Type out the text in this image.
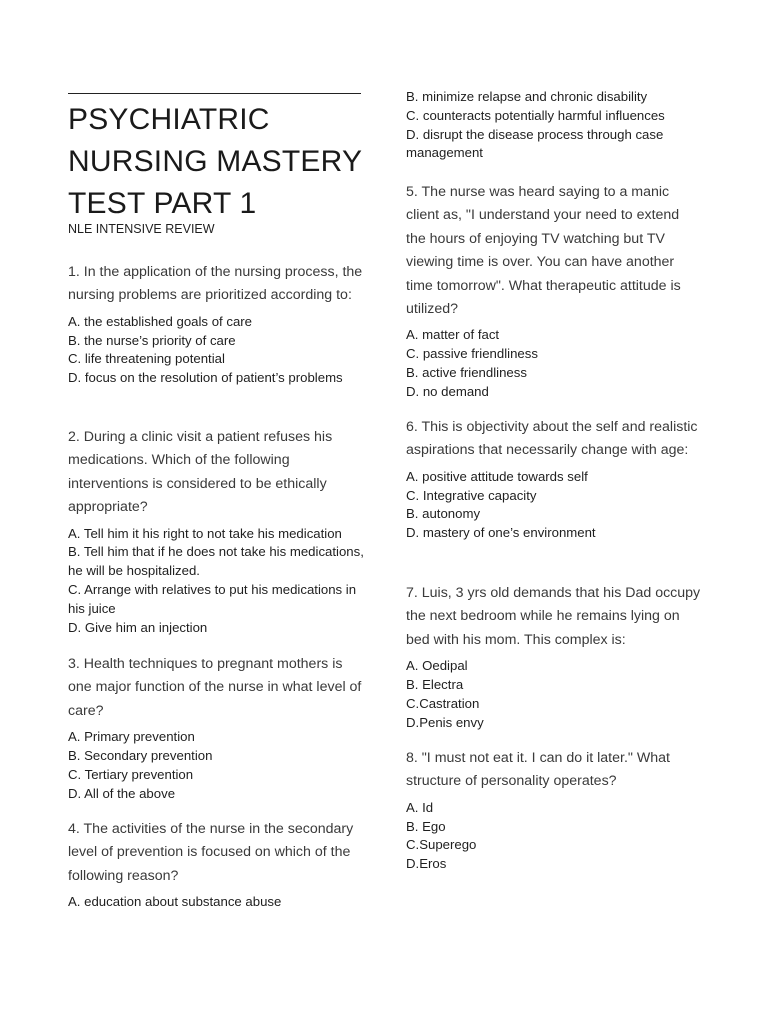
PSYCHIATRIC
NURSING MASTERY
TEST PART 1

NLE INTENSIVE REVIEW

1. In the application of the nursing process, the nursing problems are prioritized according to:

A. the established goals of care
B. the nurse’s priority of care
C. life threatening potential
D. focus on the resolution of patient’s problems

2. During a clinic visit a patient refuses his medications. Which of the following interventions is considered to be ethically appropriate?

A. Tell him it his right to not take his medication
B. Tell him that if he does not take his medications, he will be hospitalized.
C. Arrange with relatives to put his medications in his juice
D. Give him an injection

3. Health techniques to pregnant mothers is one major function of the nurse in what level of care?

A. Primary prevention
B. Secondary prevention
C. Tertiary prevention
D. All of the above

4. The activities of the nurse in the secondary level of prevention is focused on which of the following reason?

A. education about substance abuse
B. minimize relapse and chronic disability
C. counteracts potentially harmful influences
D. disrupt the disease process through case management

5. The nurse was heard saying to a manic client as, "I understand your need to extend the hours of enjoying TV watching but TV viewing time is over. You can have another time tomorrow". What therapeutic attitude is utilized?

A. matter of fact
C. passive friendliness
B. active friendliness
D. no demand

6. This is objectivity about the self and realistic aspirations that necessarily change with age:

A. positive attitude towards self
C. Integrative capacity
B. autonomy
D. mastery of one’s environment

7. Luis, 3 yrs old demands that his Dad occupy the next bedroom while he remains lying on bed with his mom. This complex is:

A. Oedipal
B. Electra
C.Castration
D.Penis envy

8. "I must not eat it. I can do it later." What structure of personality operates?

A. Id
B. Ego
C.Superego
D.Eros
